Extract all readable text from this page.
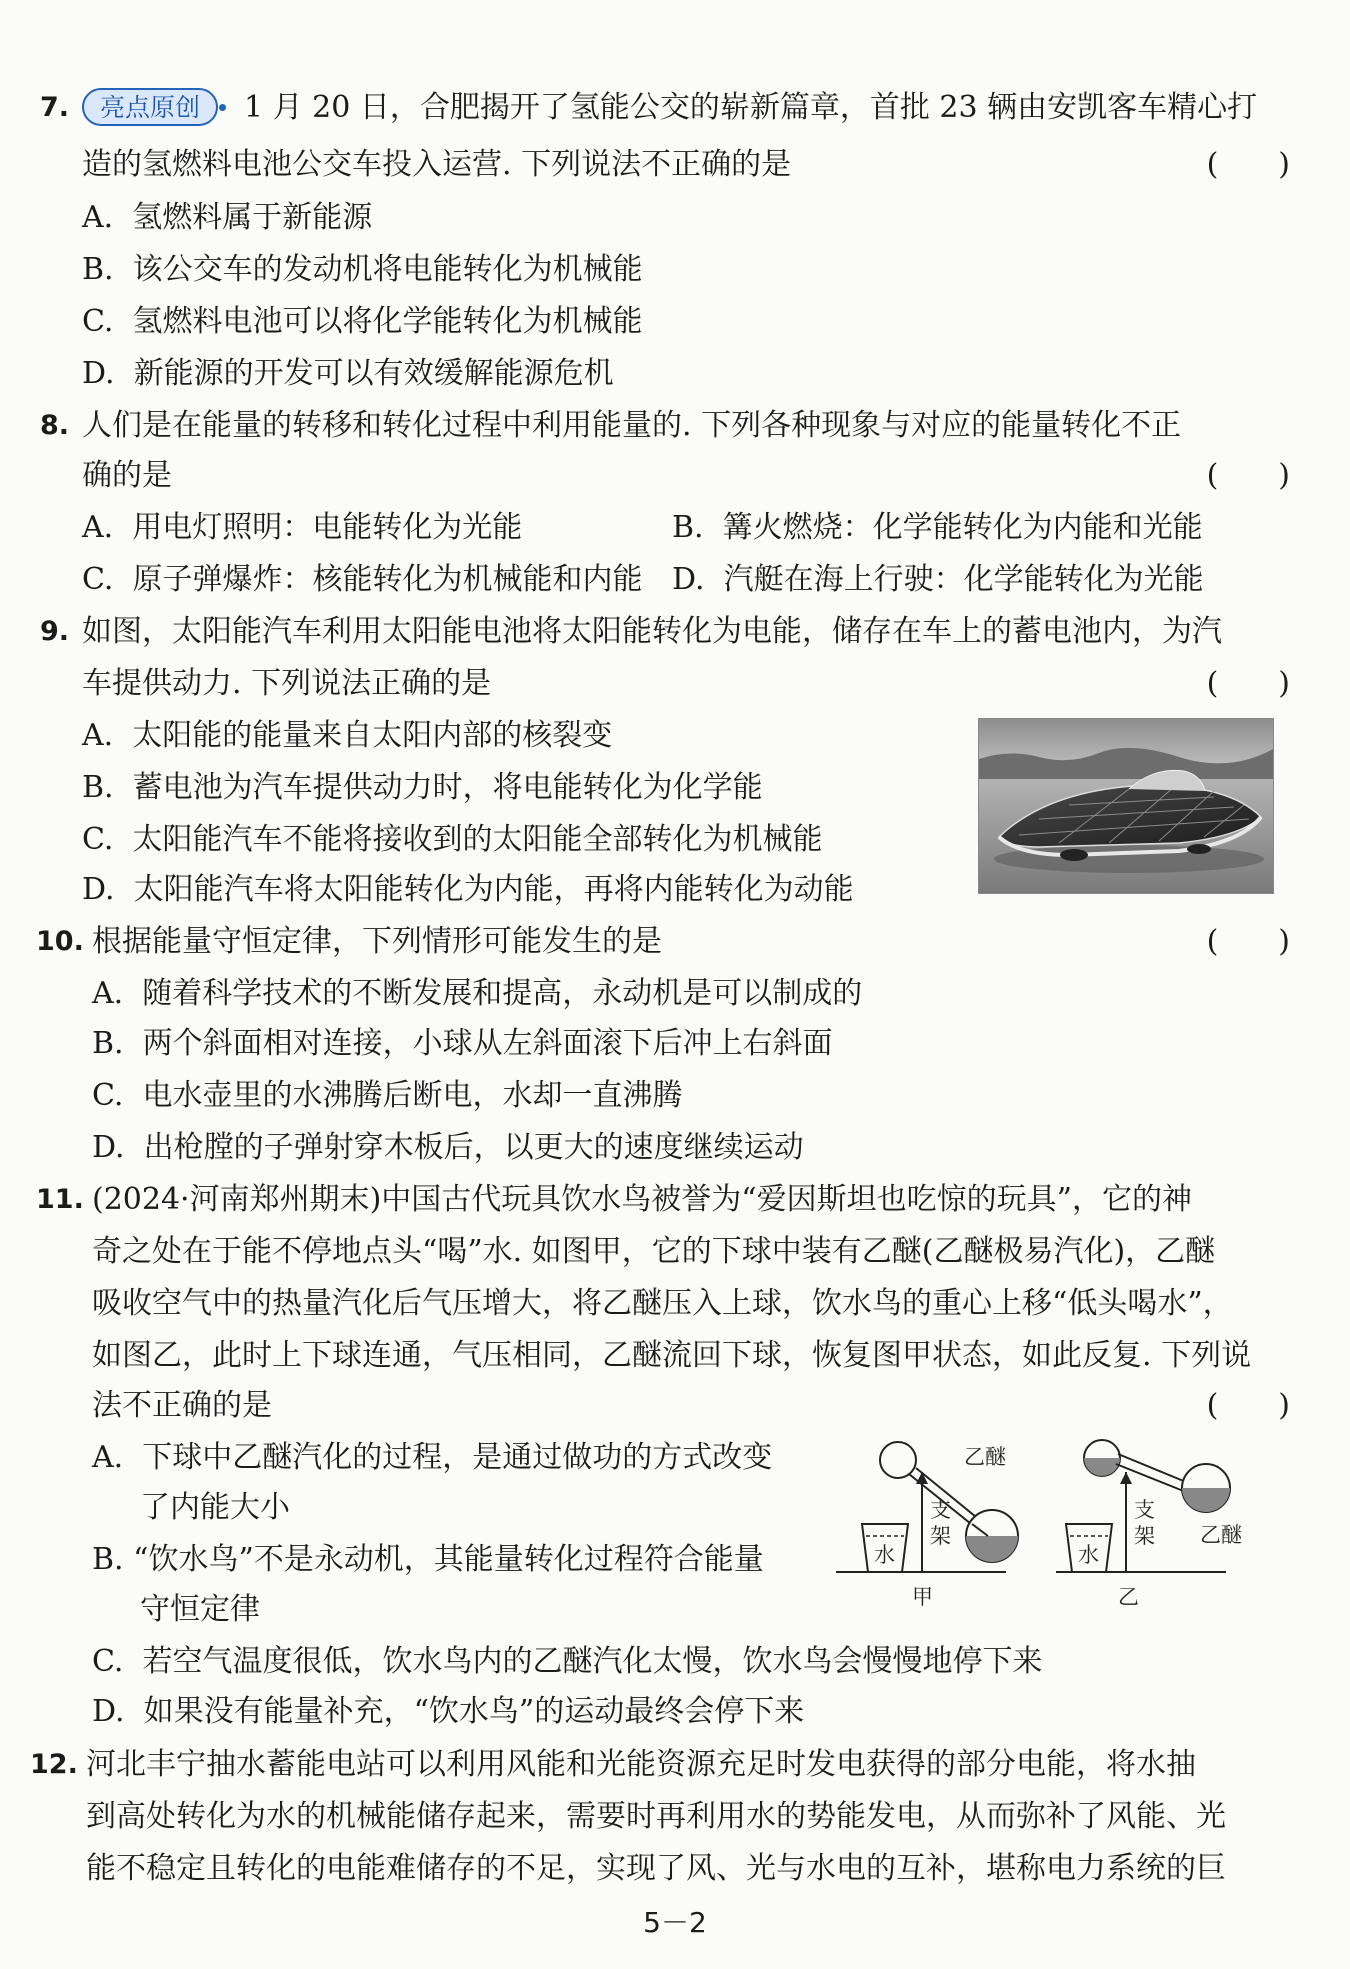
7.	亮点原创	1 月 20 日，合肥揭开了氢能公交的崭新篇章，首批 23 辆由安凯客车精心打
造的氢燃料电池公交车投入运营. 下列说法不正确的是	(　　)
A.  氢燃料属于新能源
B.  该公交车的发动机将电能转化为机械能
C.  氢燃料电池可以将化学能转化为机械能
D.  新能源的开发可以有效缓解能源危机
8. 人们是在能量的转移和转化过程中利用能量的. 下列各种现象与对应的能量转化不正
确的是	(　　)
A.  用电灯照明：电能转化为光能	B.  篝火燃烧：化学能转化为内能和光能
C.  原子弹爆炸：核能转化为机械能和内能 D.  汽艇在海上行驶：化学能转化为光能
9. 如图，太阳能汽车利用太阳能电池将太阳能转化为电能，储存在车上的蓄电池内，为汽
车提供动力. 下列说法正确的是	(　　)
A.  太阳能的能量来自太阳内部的核裂变
B.  蓄电池为汽车提供动力时，将电能转化为化学能
C.  太阳能汽车不能将接收到的太阳能全部转化为机械能
D.  太阳能汽车将太阳能转化为内能，再将内能转化为动能
10. 根据能量守恒定律，下列情形可能发生的是	(　　)
A.  随着科学技术的不断发展和提高，永动机是可以制成的
B.  两个斜面相对连接，小球从左斜面滚下后冲上右斜面
C.  电水壶里的水沸腾后断电，水却一直沸腾
D.  出枪膛的子弹射穿木板后，以更大的速度继续运动
11. (2024·河南郑州期末)中国古代玩具饮水鸟被誉为“爱因斯坦也吃惊的玩具”，它的神
奇之处在于能不停地点头“喝”水. 如图甲，它的下球中装有乙醚(乙醚极易汽化)，乙醚
吸收空气中的热量汽化后气压增大，将乙醚压入上球，饮水鸟的重心上移“低头喝水”，
如图乙，此时上下球连通，气压相同，乙醚流回下球，恢复图甲状态，如此反复. 下列说
法不正确的是	(　　)
A.  下球中乙醚汽化的过程，是通过做功的方式改变
了内能大小
B. “饮水鸟”不是永动机，其能量转化过程符合能量
守恒定律
C.  若空气温度很低，饮水鸟内的乙醚汽化太慢，饮水鸟会慢慢地停下来
D.  如果没有能量补充，“饮水鸟”的运动最终会停下来
水
支
架
乙醚
甲
水
支
架 乙醚
乙
12. 河北丰宁抽水蓄能电站可以利用风能和光能资源充足时发电获得的部分电能，将水抽
到高处转化为水的机械能储存起来，需要时再利用水的势能发电，从而弥补了风能、光
能不稳定且转化的电能难储存的不足，实现了风、光与水电的互补，堪称电力系统的巨
5－2
